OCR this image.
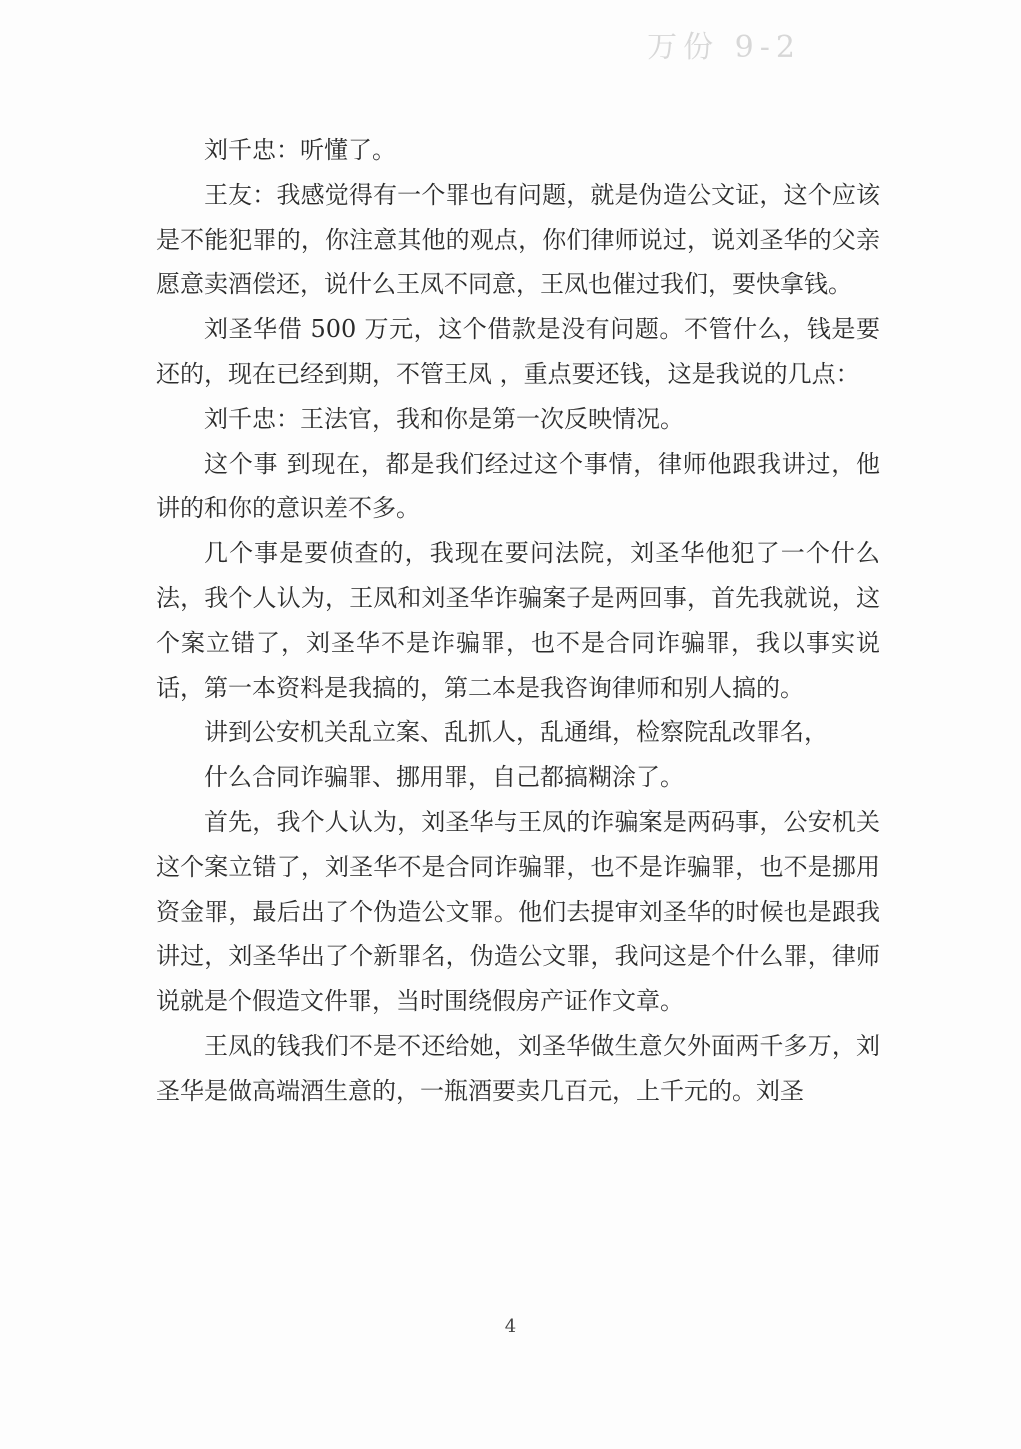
万份 9-2

刘千忠：听懂了。

王友：我感觉得有一个罪也有问题，就是伪造公文证，这个应该是不能犯罪的，你注意其他的观点，你们律师说过，说刘圣华的父亲愿意卖酒偿还，说什么王凤不同意，王凤也催过我们，要快拿钱。

刘圣华借 500 万元，这个借款是没有问题。不管什么，钱是要还的，现在已经到期，不管王凤 ，重点要还钱，这是我说的几点：

刘千忠：王法官，我和你是第一次反映情况。

这个事 到现在，都是我们经过这个事情，律师他跟我讲过，他讲的和你的意识差不多。

几个事是要侦查的，我现在要问法院，刘圣华他犯了一个什么法，我个人认为，王凤和刘圣华诈骗案子是两回事，首先我就说，这个案立错了，刘圣华不是诈骗罪，也不是合同诈骗罪，我以事实说话，第一本资料是我搞的，第二本是我咨询律师和别人搞的。

讲到公安机关乱立案、乱抓人，乱通缉，检察院乱改罪名，

什么合同诈骗罪、挪用罪，自己都搞糊涂了。

首先，我个人认为，刘圣华与王凤的诈骗案是两码事，公安机关这个案立错了，刘圣华不是合同诈骗罪，也不是诈骗罪，也不是挪用资金罪，最后出了个伪造公文罪。他们去提审刘圣华的时候也是跟我讲过，刘圣华出了个新罪名，伪造公文罪，我问这是个什么罪，律师说就是个假造文件罪，当时围绕假房产证作文章。

王凤的钱我们不是不还给她，刘圣华做生意欠外面两千多万，刘圣华是做高端酒生意的，一瓶酒要卖几百元，上千元的。刘圣

4
